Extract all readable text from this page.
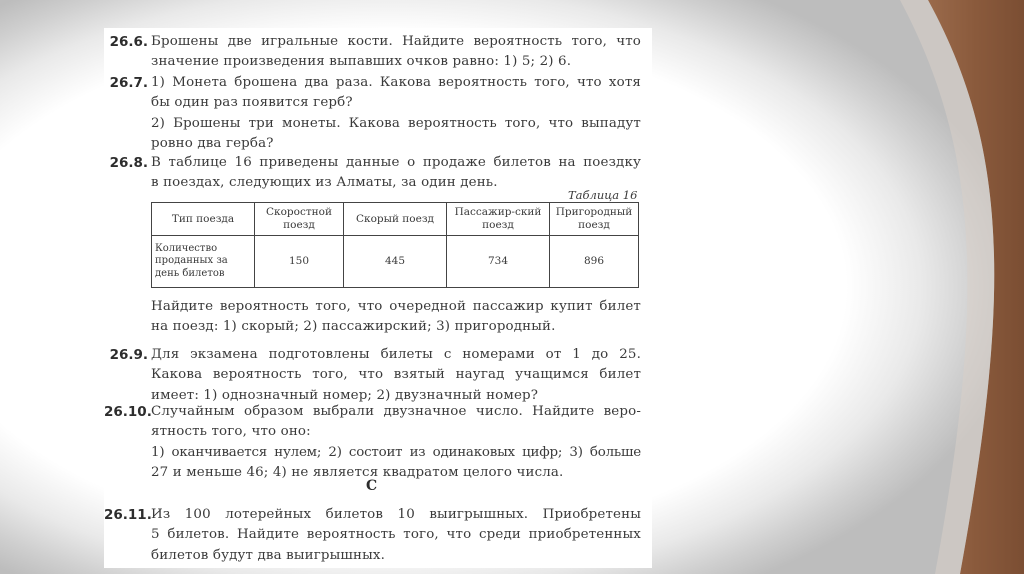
26.6. Брошены две игральные кости. Найдите вероятность того, что
значение произведения выпавших очков равно: 1) 5; 2) 6.
26.7. 1) Монета брошена два раза. Какова вероятность того, что хотя
бы один раз появится герб?
2) Брошены три монеты. Какова вероятность того, что выпадут
ровно два герба?
26.8. В таблице 16 приведены данные о продаже билетов на поездку
в поездах, следующих из Алматы, за один день.
Таблица 16
Тип поезда	Скоростной поезд	Скорый поезд	Пассажир-ский поезд	Пригородный поезд
Количество проданных за день билетов	150	445	734	896
Найдите вероятность того, что очередной пассажир купит билет
на поезд: 1) скорый; 2) пассажирский; 3) пригородный.
26.9. Для экзамена подготовлены билеты с номерами от 1 до 25.
Какова вероятность того, что взятый наугад учащимся билет
имеет: 1) однозначный номер; 2) двузначный номер?
26.10. Случайным образом выбрали двузначное число. Найдите веро-
ятность того, что оно:
1) оканчивается нулем; 2) состоит из одинаковых цифр; 3) больше
27 и меньше 46; 4) не является квадратом целого числа.
C
26.11. Из 100 лотерейных билетов 10 выигрышных. Приобретены
5 билетов. Найдите вероятность того, что среди приобретенных
билетов будут два выигрышных.
